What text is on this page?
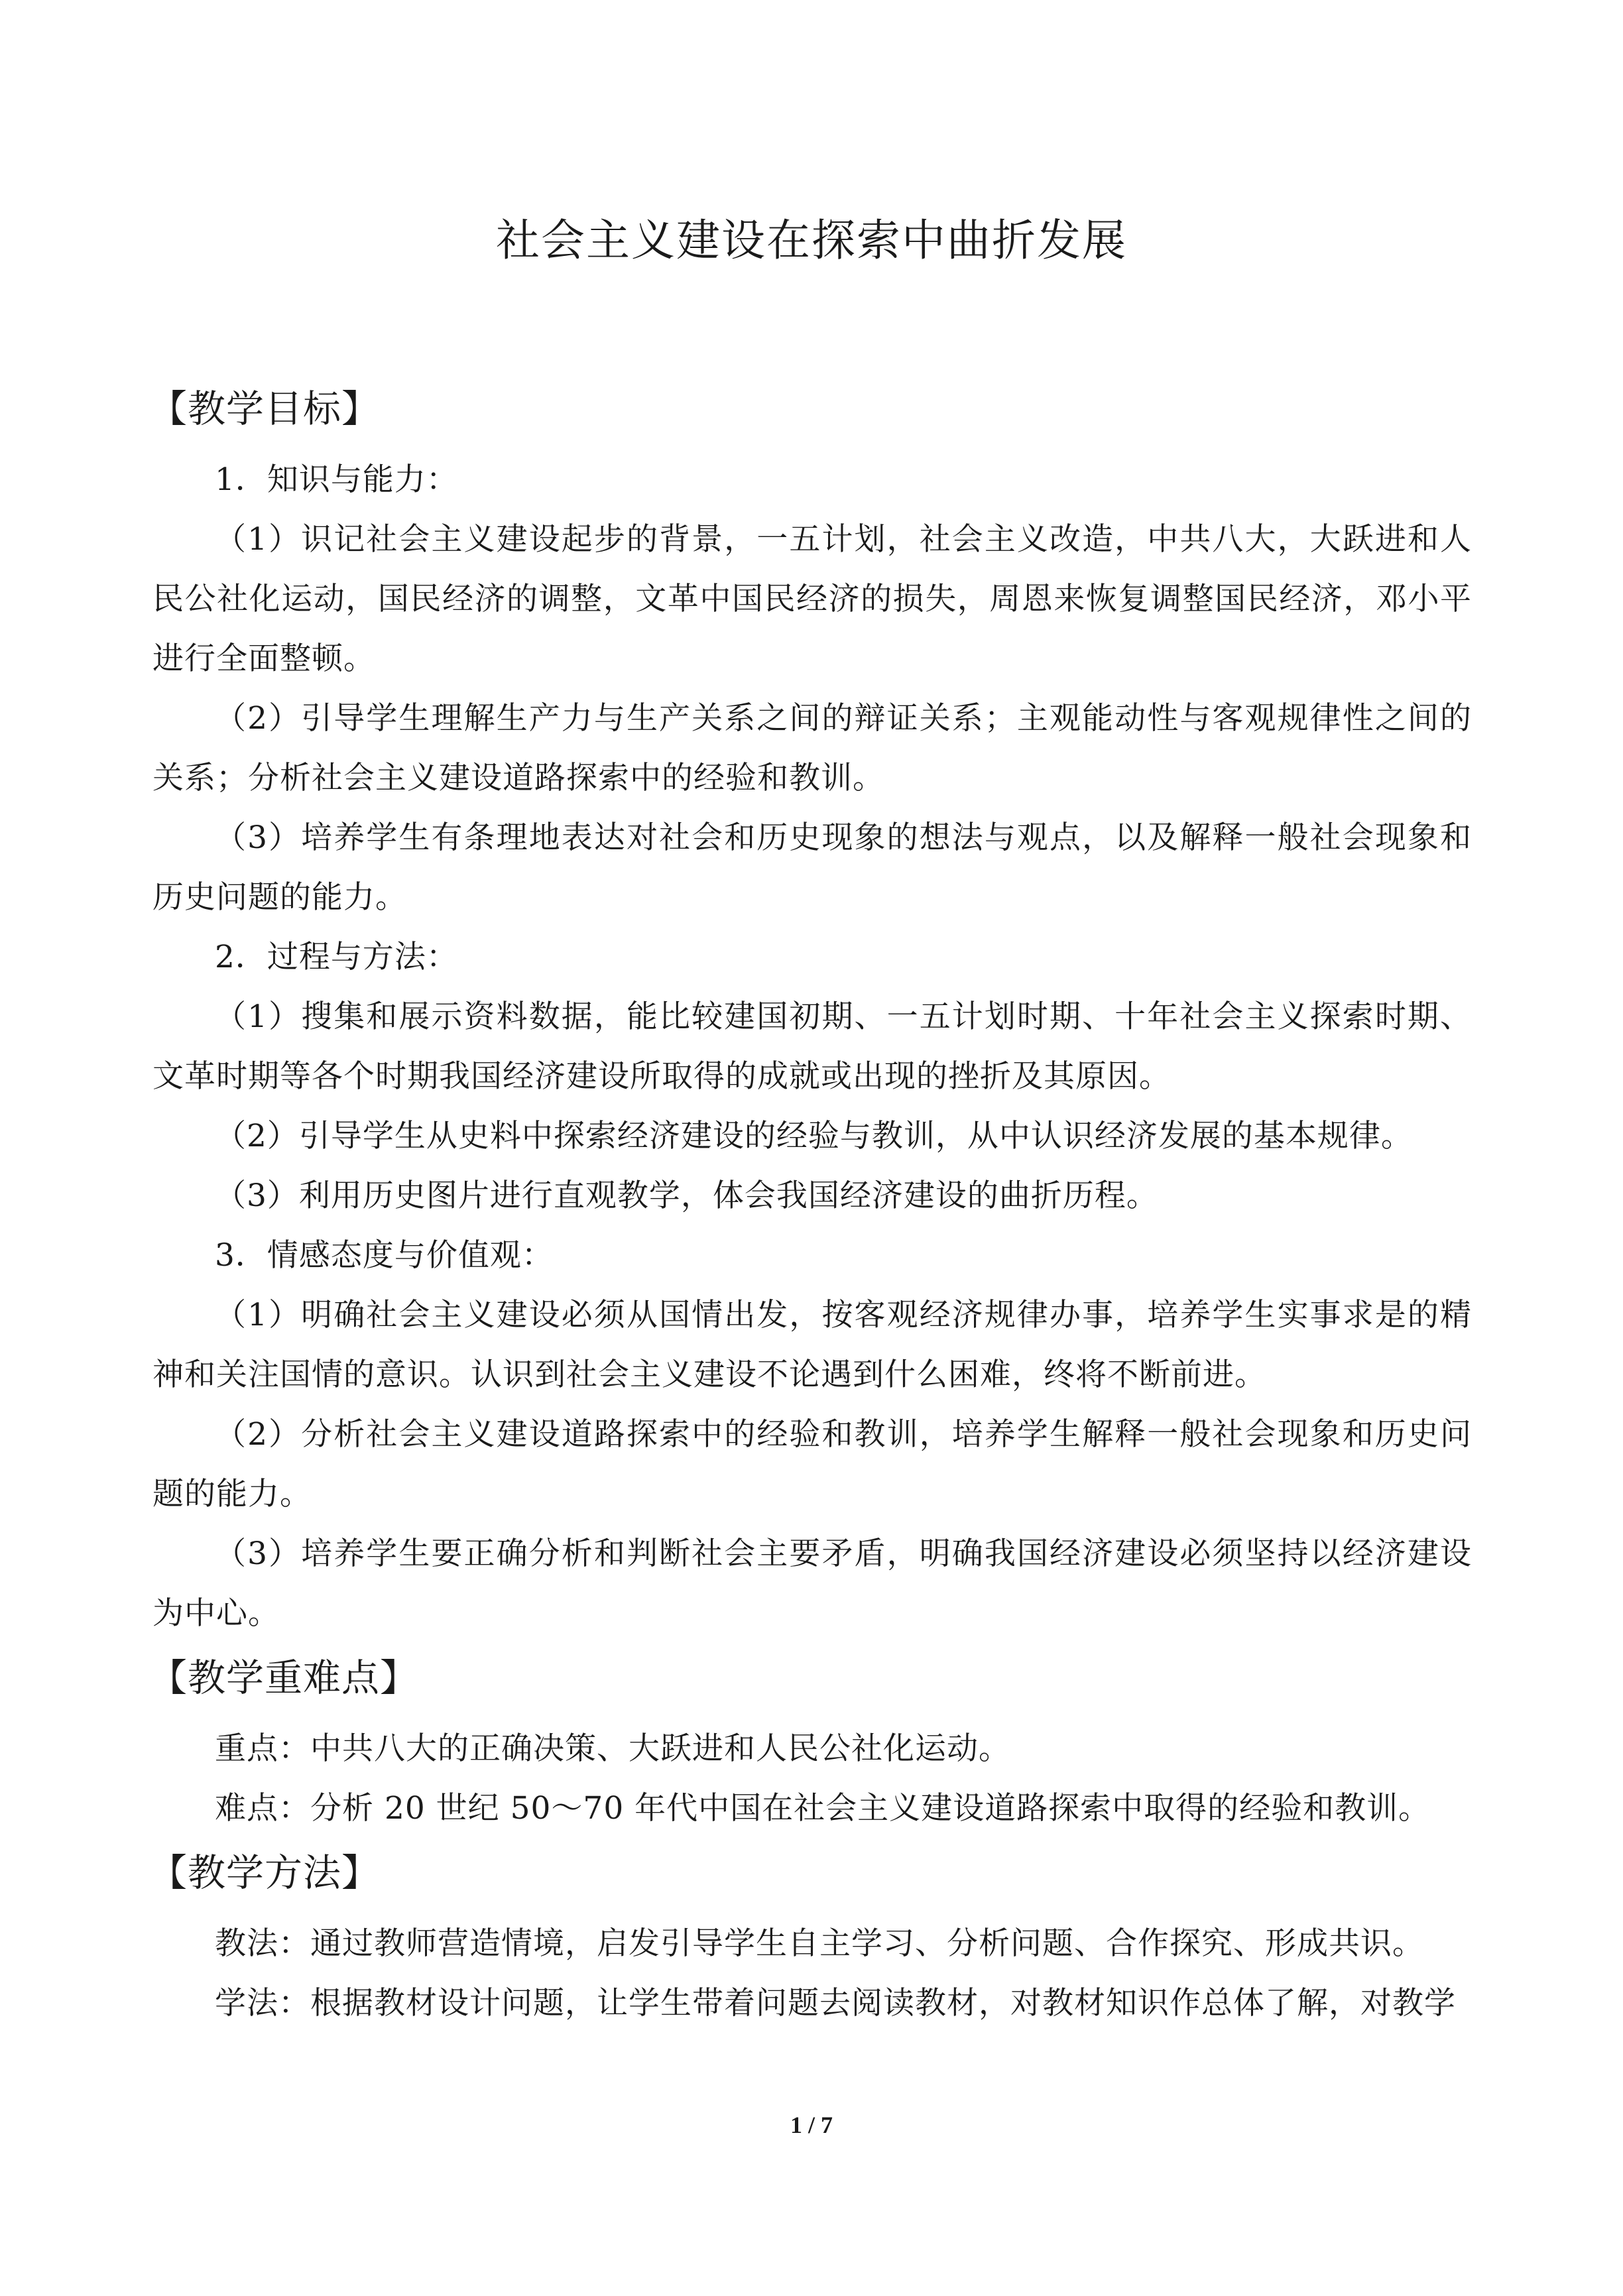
社会主义建设在探索中曲折发展
【教学目标】
1．知识与能力：
（1）识记社会主义建设起步的背景，一五计划，社会主义改造，中共八大，大跃进和人民公社化运动，国民经济的调整，文革中国民经济的损失，周恩来恢复调整国民经济，邓小平进行全面整顿。
（2）引导学生理解生产力与生产关系之间的辩证关系；主观能动性与客观规律性之间的关系；分析社会主义建设道路探索中的经验和教训。
（3）培养学生有条理地表达对社会和历史现象的想法与观点，以及解释一般社会现象和历史问题的能力。
2．过程与方法：
（1）搜集和展示资料数据，能比较建国初期、一五计划时期、十年社会主义探索时期、文革时期等各个时期我国经济建设所取得的成就或出现的挫折及其原因。
（2）引导学生从史料中探索经济建设的经验与教训，从中认识经济发展的基本规律。
（3）利用历史图片进行直观教学，体会我国经济建设的曲折历程。
3．情感态度与价值观：
（1）明确社会主义建设必须从国情出发，按客观经济规律办事，培养学生实事求是的精神和关注国情的意识。认识到社会主义建设不论遇到什么困难，终将不断前进。
（2）分析社会主义建设道路探索中的经验和教训，培养学生解释一般社会现象和历史问题的能力。
（3）培养学生要正确分析和判断社会主要矛盾，明确我国经济建设必须坚持以经济建设为中心。
【教学重难点】
重点：中共八大的正确决策、大跃进和人民公社化运动。
难点：分析 20 世纪 50～70 年代中国在社会主义建设道路探索中取得的经验和教训。
【教学方法】
教法：通过教师营造情境，启发引导学生自主学习、分析问题、合作探究、形成共识。
学法：根据教材设计问题，让学生带着问题去阅读教材，对教材知识作总体了解，对教学
1 / 7
